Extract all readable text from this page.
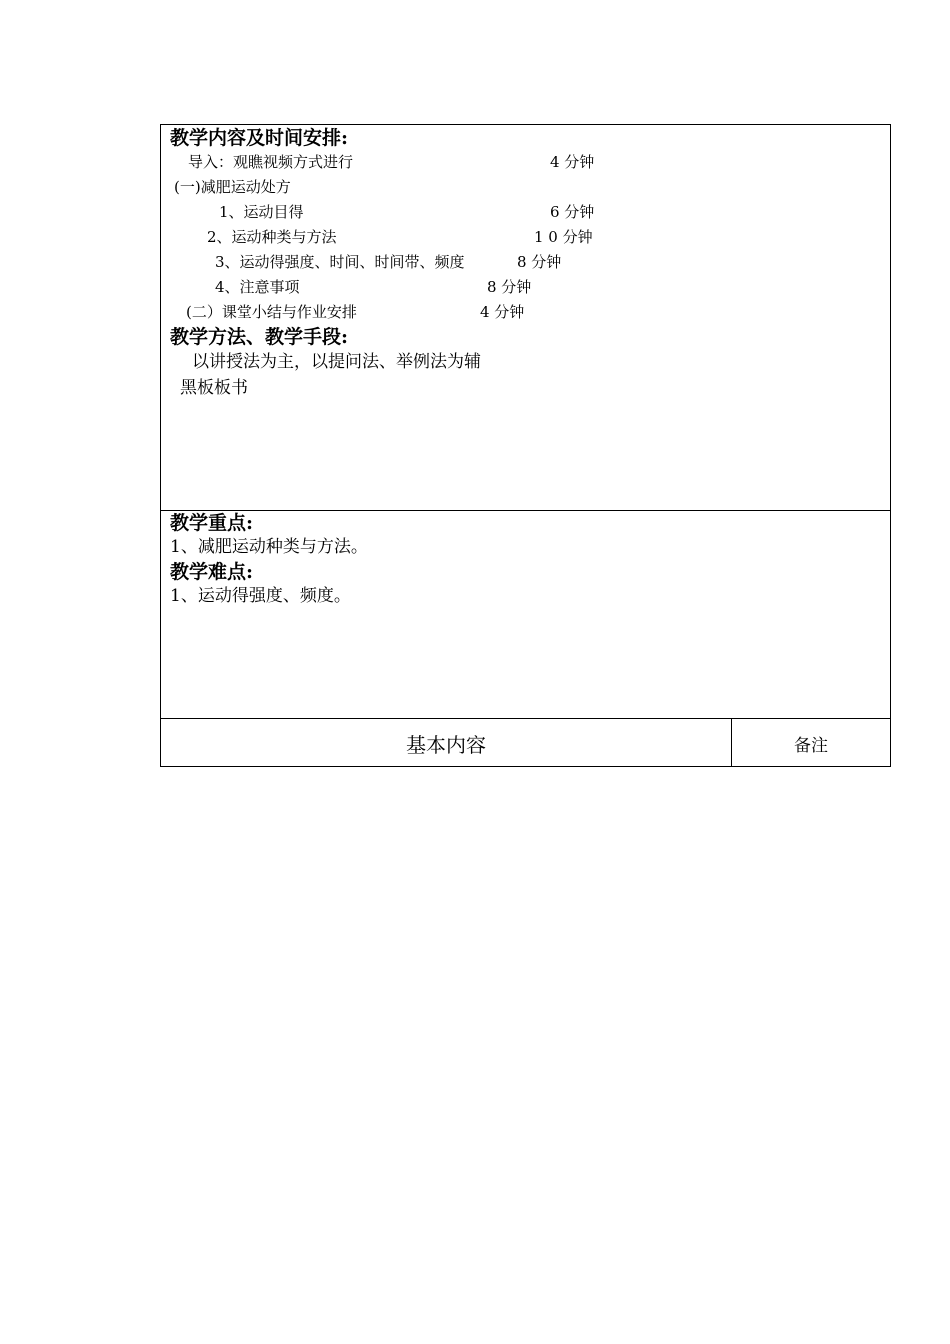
教学内容及时间安排:
导入：观瞧视频方式进行	4 分钟
(一)减肥运动处方
1、运动目得	6 分钟
2、运动种类与方法	1 0 分钟
3、运动得强度、时间、时间带、频度	8 分钟
4、注意事项	8 分钟
(二）课堂小结与作业安排	4 分钟
教学方法、教学手段:
以讲授法为主，以提问法、举例法为辅
黑板板书
教学重点:
1、减肥运动种类与方法。
教学难点:
1、运动得强度、频度。
基本内容	备注
